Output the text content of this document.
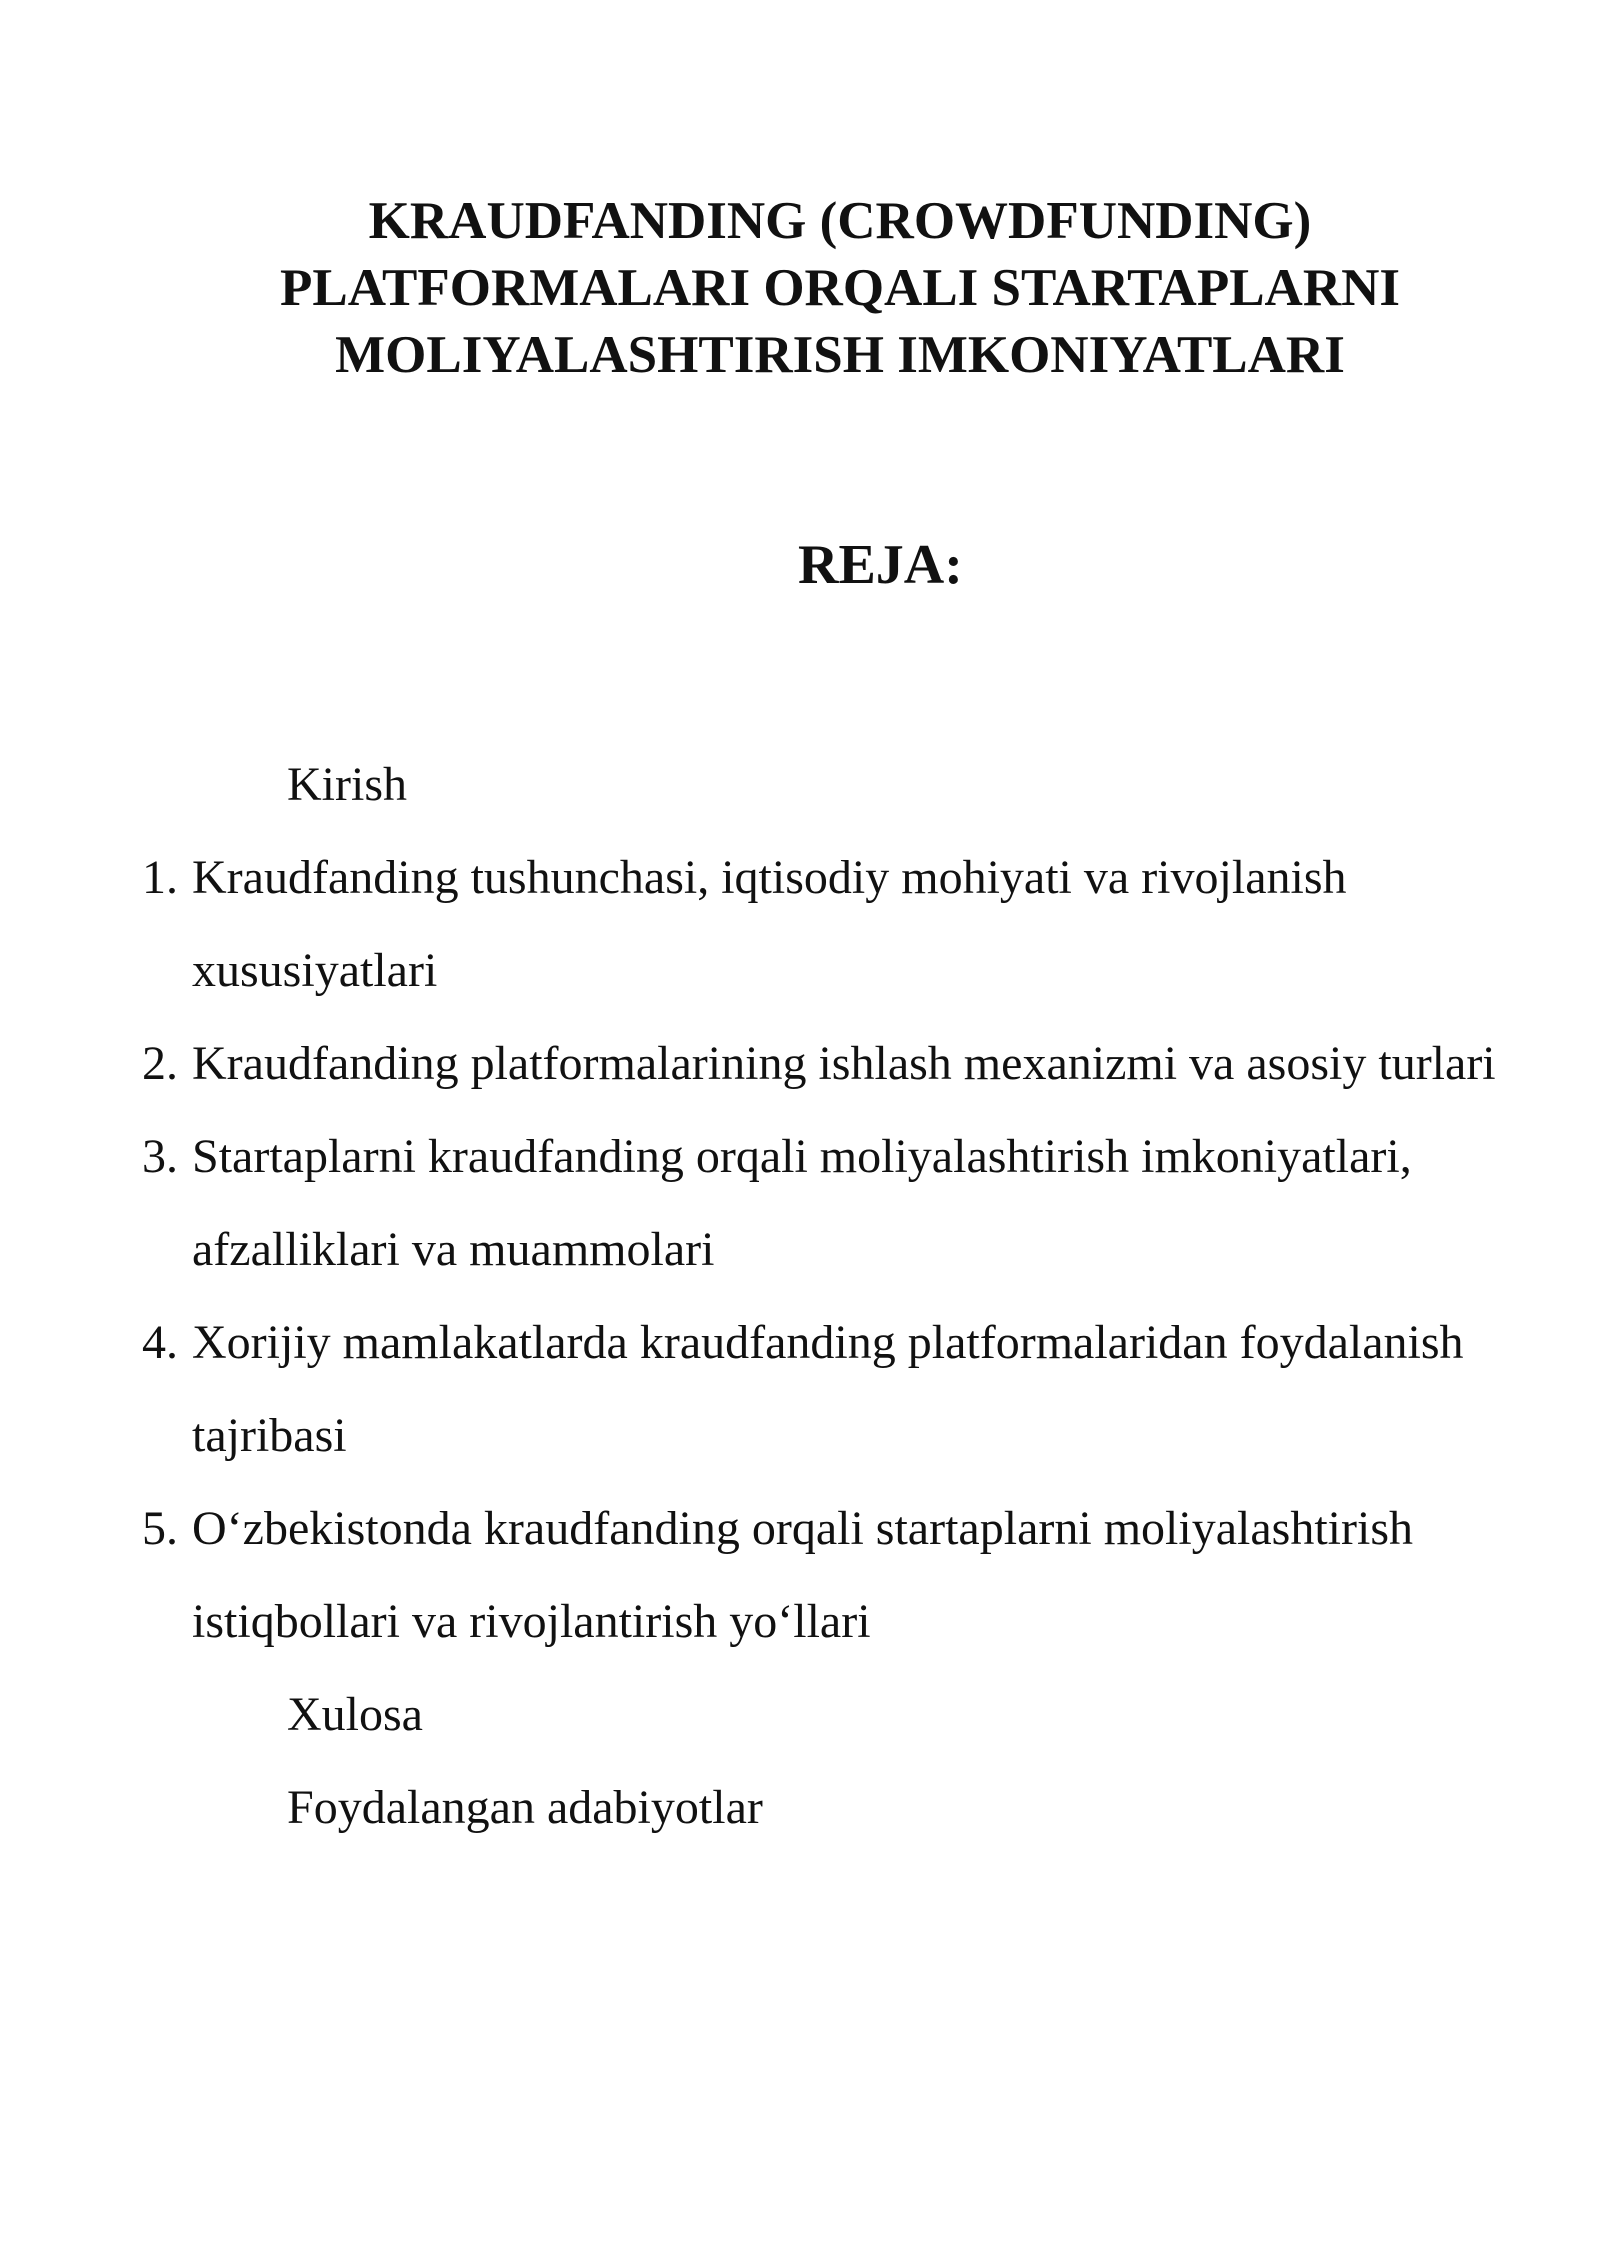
KRAUDFANDING (CROWDFUNDING)
PLATFORMALARI ORQALI STARTAPLARNI
MOLIYALASHTIRISH IMKONIYATLARI
REJA:
Kirish
1. Kraudfanding tushunchasi, iqtisodiy mohiyati va rivojlanish xususiyatlari
2. Kraudfanding platformalarining ishlash mexanizmi va asosiy turlari
3. Startaplarni kraudfanding orqali moliyalashtirish imkoniyatlari, afzalliklari va muammolari
4. Xorijiy mamlakatlarda kraudfanding platformalaridan foydalanish tajribasi
5. O‘zbekistonda kraudfanding orqali startaplarni moliyalashtirish istiqbollari va rivojlantirish yo‘llari
Xulosa
Foydalangan adabiyotlar
